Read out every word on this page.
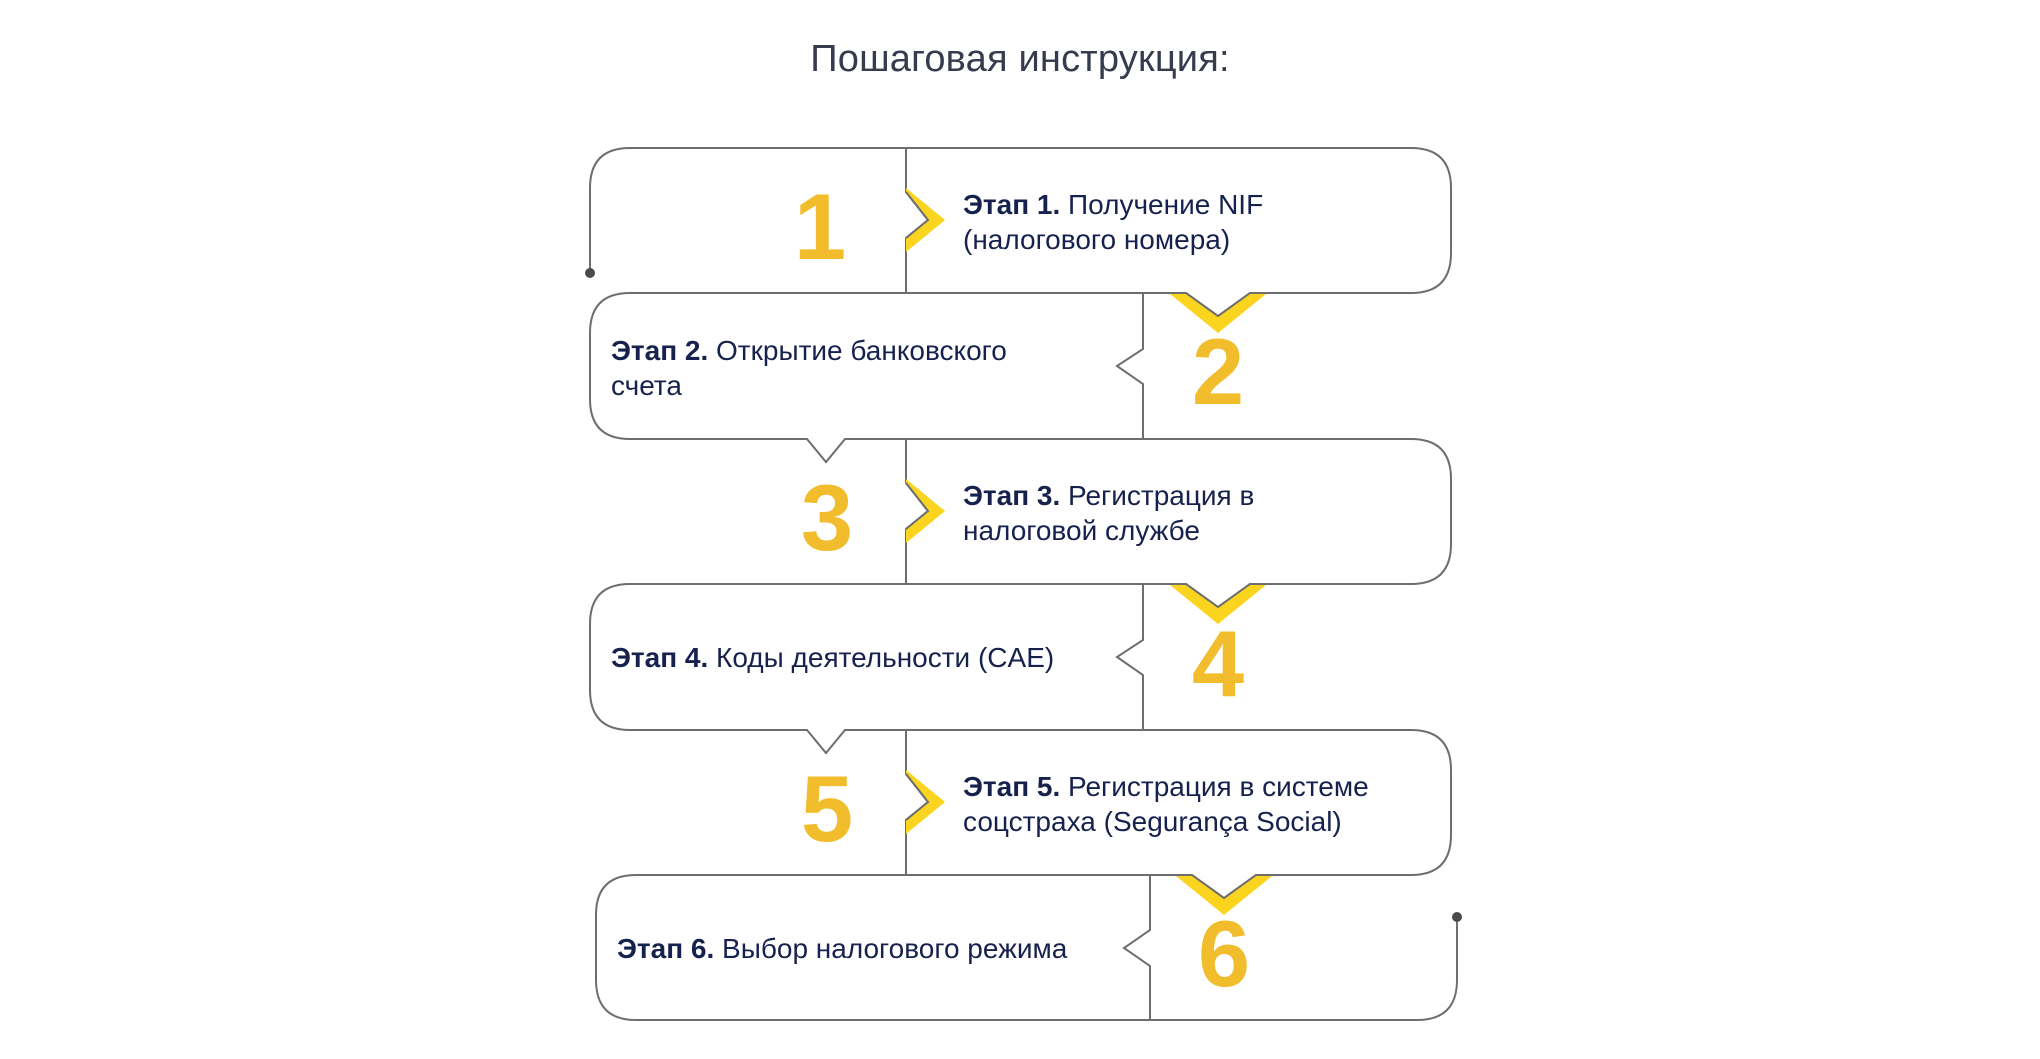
Пошаговая инструкция:
1	Этап 1. Получение NIF
(налогового номера)
2
Этап 2. Открытие банковского
счета
3	Этап 3. Регистрация в
налоговой службе
4
Этап 4. Коды деятельности (CAE)
5	Этап 5. Регистрация в системе
соцстраха (Segurança Social)
6
Этап 6. Выбор налогового режима
